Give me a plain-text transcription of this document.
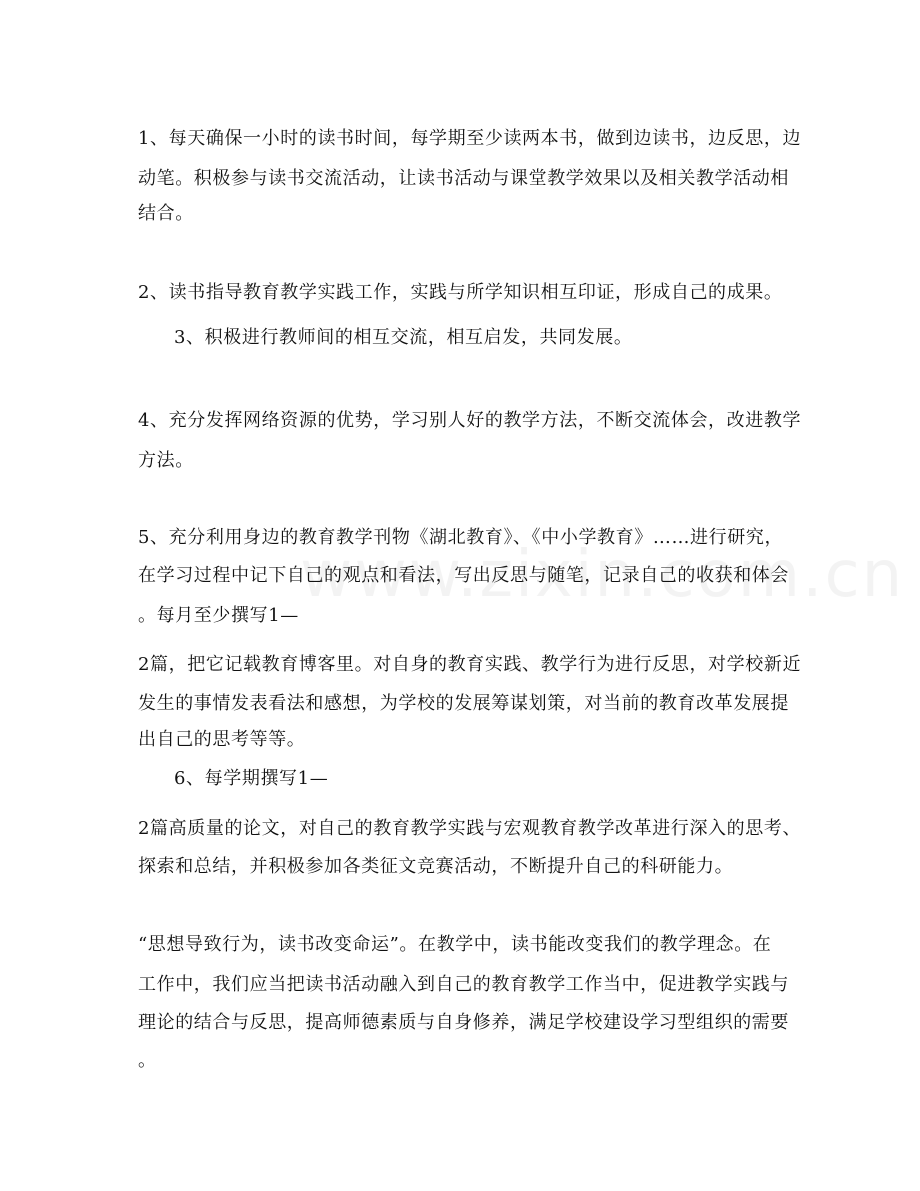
1、每天确保一小时的读书时间，每学期至少读两本书，做到边读书，边反思，边
动笔。积极参与读书交流活动，让读书活动与课堂教学效果以及相关教学活动相
结合。
2、读书指导教育教学实践工作，实践与所学知识相互印证，形成自己的成果。
3、积极进行教师间的相互交流，相互启发，共同发展。
4、充分发挥网络资源的优势，学习别人好的教学方法，不断交流体会，改进教学
方法。
5、充分利用身边的教育教学刊物《湖北教育》、《中小学教育》……进行研究，
在学习过程中记下自己的观点和看法，写出反思与随笔，记录自己的收获和体会
。每月至少撰写1—
2篇，把它记载教育博客里。对自身的教育实践、教学行为进行反思，对学校新近
发生的事情发表看法和感想，为学校的发展筹谋划策，对当前的教育改革发展提
出自己的思考等等。
6、每学期撰写1—
2篇高质量的论文，对自己的教育教学实践与宏观教育教学改革进行深入的思考、
探索和总结，并积极参加各类征文竞赛活动，不断提升自己的科研能力。
“思想导致行为，读书改变命运”。在教学中，读书能改变我们的教学理念。在
工作中，我们应当把读书活动融入到自己的教育教学工作当中，促进教学实践与
理论的结合与反思，提高师德素质与自身修养，满足学校建设学习型组织的需要
。
